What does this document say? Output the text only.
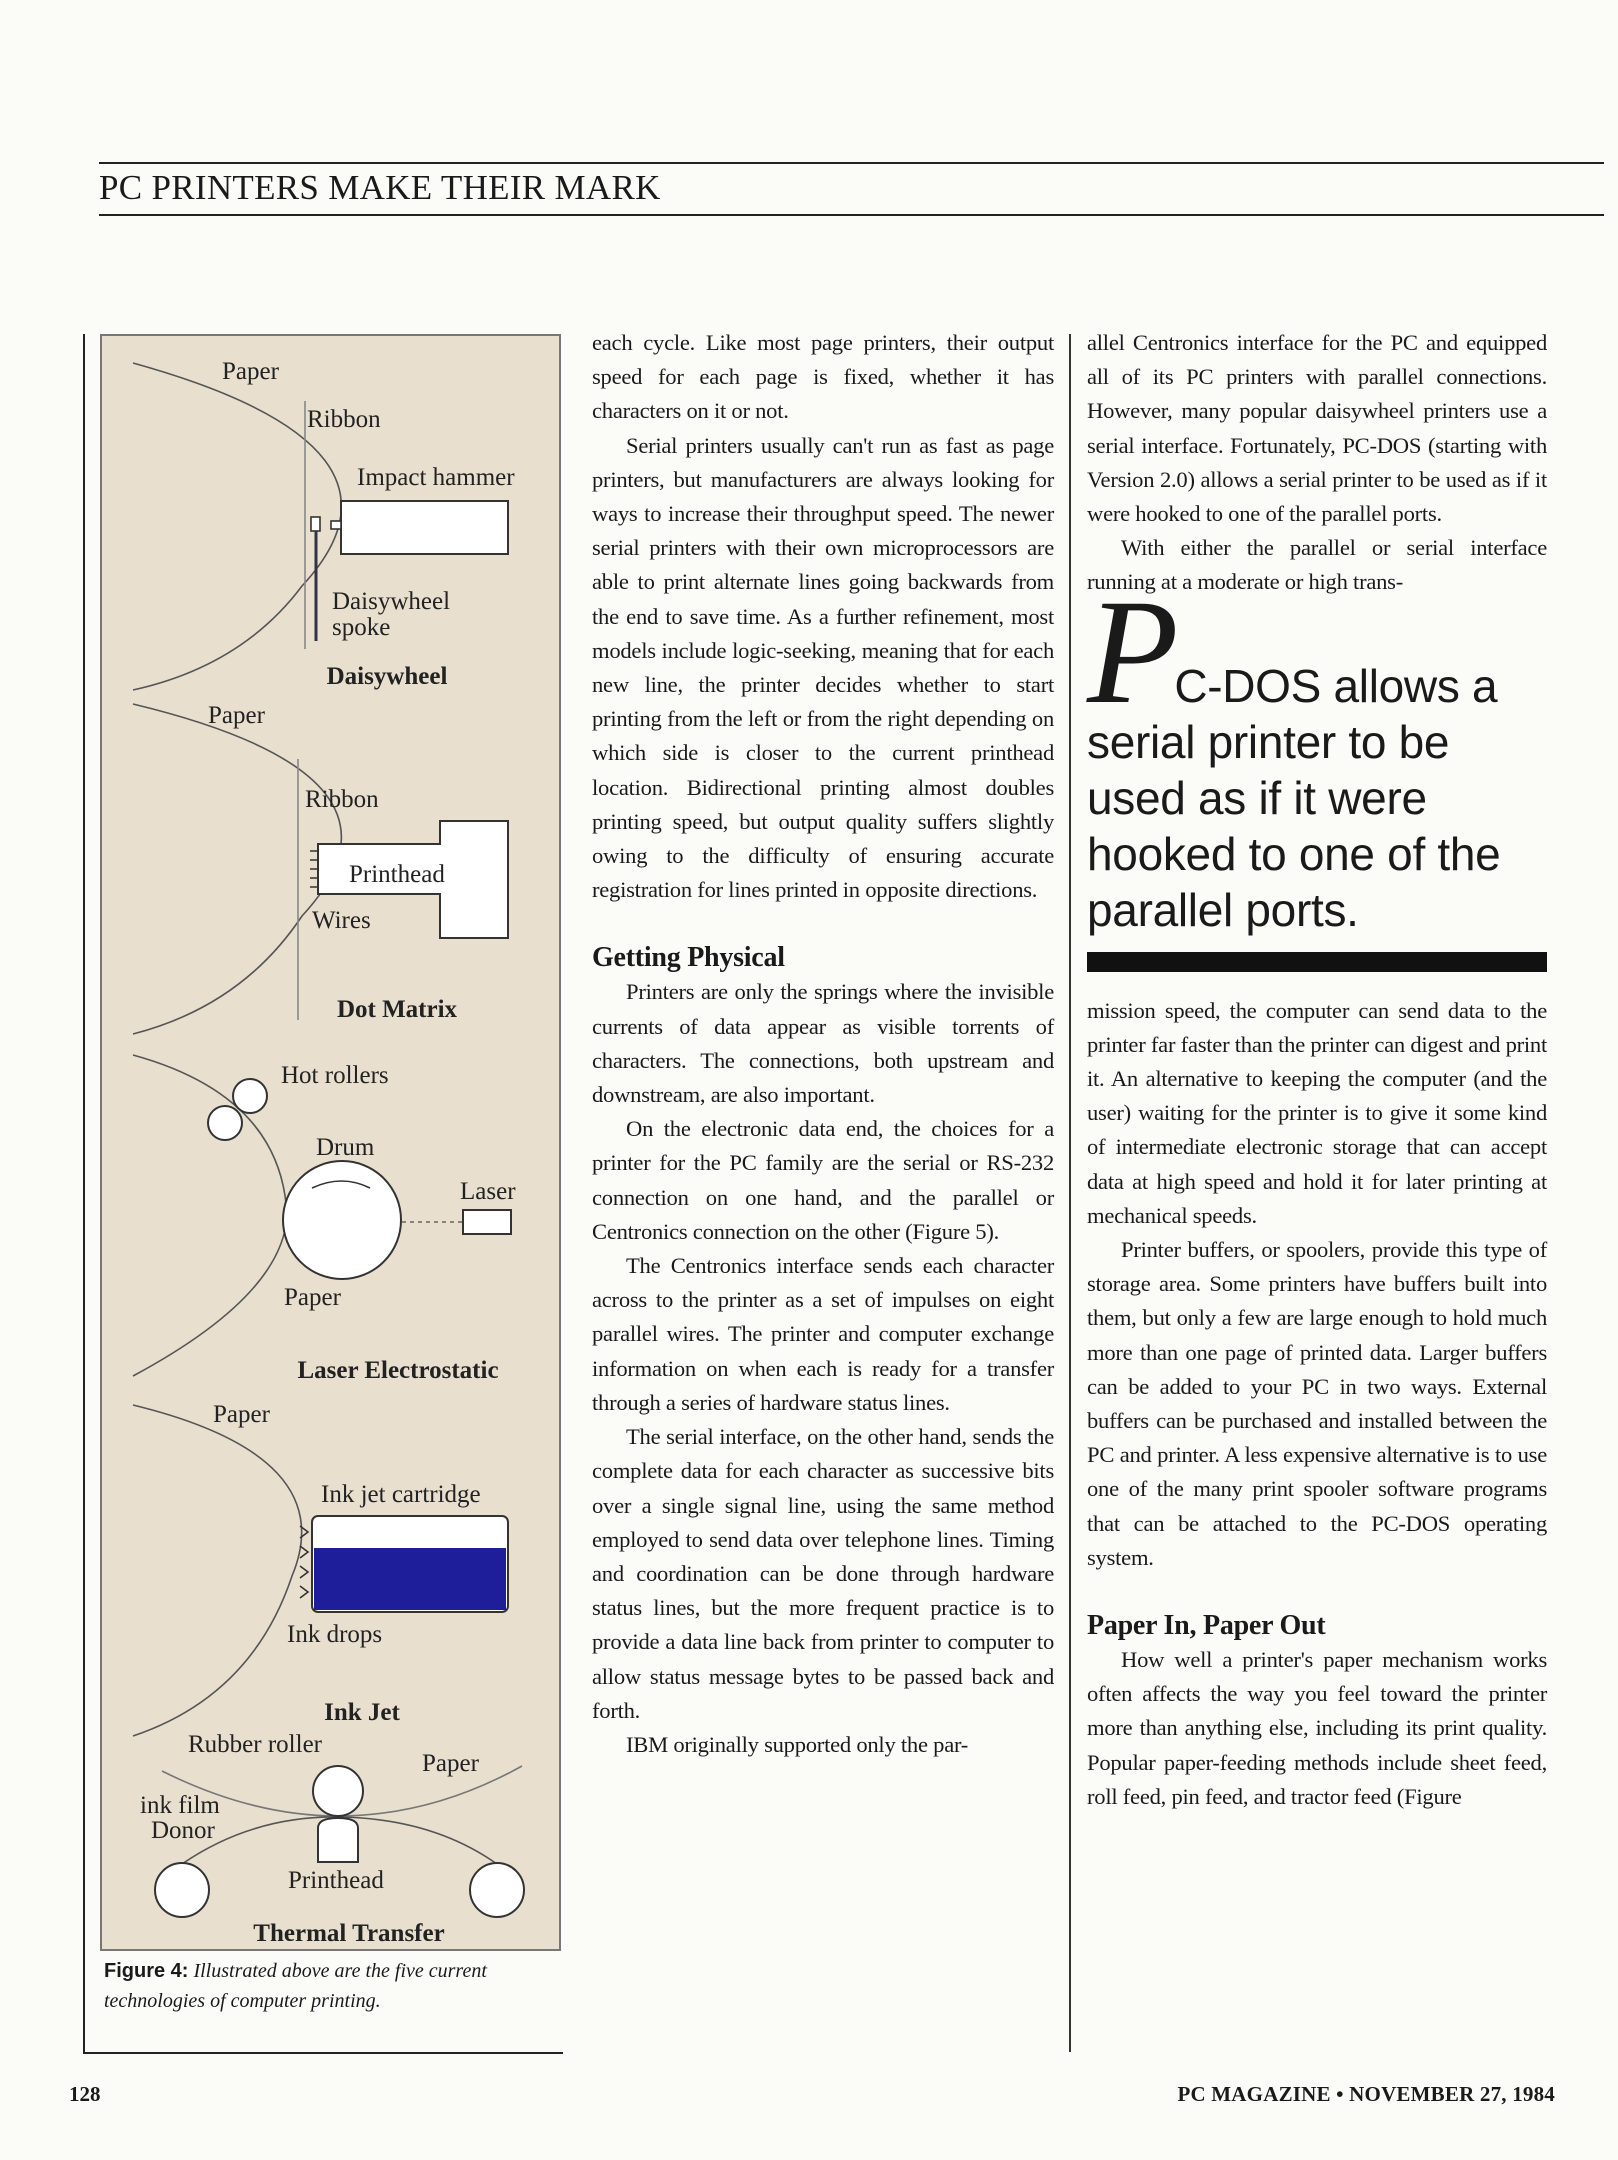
PC PRINTERS MAKE THEIR MARK
Paper
Ribbon
Impact hammer
Daisywheel
spoke
Daisywheel
Paper
Ribbon
Printhead
Wires
Dot Matrix
Hot rollers
Drum
Laser
Paper
Laser Electrostatic
Paper
Ink jet cartridge
Ink drops
Ink Jet
Rubber roller
Paper
ink film
Donor
Printhead
Thermal Transfer
Figure 4: Illustrated above are the five current technologies of computer printing.

each cycle. Like most page printers, their output speed for each page is fixed, whether it has characters on it or not.

Serial printers usually can't run as fast as page printers, but manufacturers are always looking for ways to increase their throughput speed. The newer serial printers with their own microprocessors are able to print alternate lines going backwards from the end to save time. As a further refinement, most models include logic-seeking, meaning that for each new line, the printer decides whether to start printing from the left or from the right depending on which side is closer to the current printhead location. Bidirectional printing almost doubles printing speed, but output quality suffers slightly owing to the difficulty of ensuring accurate registration for lines printed in opposite directions.

Getting Physical

Printers are only the springs where the invisible currents of data appear as visible torrents of characters. The connections, both upstream and downstream, are also important.

On the electronic data end, the choices for a printer for the PC family are the serial or RS-232 connection on one hand, and the parallel or Centronics connection on the other (Figure 5).

The Centronics interface sends each character across to the printer as a set of impulses on eight parallel wires. The printer and computer exchange information on when each is ready for a transfer through a series of hardware status lines.

The serial interface, on the other hand, sends the complete data for each character as successive bits over a single signal line, using the same method employed to send data over telephone lines. Timing and coordination can be done through hardware status lines, but the more frequent practice is to provide a data line back from printer to computer to allow status message bytes to be passed back and forth.

IBM originally supported only the par-

allel Centronics interface for the PC and equipped all of its PC printers with parallel connections. However, many popular daisywheel printers use a serial interface. Fortunately, PC-DOS (starting with Version 2.0) allows a serial printer to be used as if it were hooked to one of the parallel ports.

With either the parallel or serial interface running at a moderate or high trans-

PC-DOS allows a serial printer to be used as if it were hooked to one of the parallel ports.

mission speed, the computer can send data to the printer far faster than the printer can digest and print it. An alternative to keeping the computer (and the user) waiting for the printer is to give it some kind of intermediate electronic storage that can accept data at high speed and hold it for later printing at mechanical speeds.

Printer buffers, or spoolers, provide this type of storage area. Some printers have buffers built into them, but only a few are large enough to hold much more than one page of printed data. Larger buffers can be added to your PC in two ways. External buffers can be purchased and installed between the PC and printer. A less expensive alternative is to use one of the many print spooler software programs that can be attached to the PC-DOS operating system.

Paper In, Paper Out

How well a printer's paper mechanism works often affects the way you feel toward the printer more than anything else, including its print quality. Popular paper-feeding methods include sheet feed, roll feed, pin feed, and tractor feed (Figure

128	PC MAGAZINE • NOVEMBER 27, 1984
